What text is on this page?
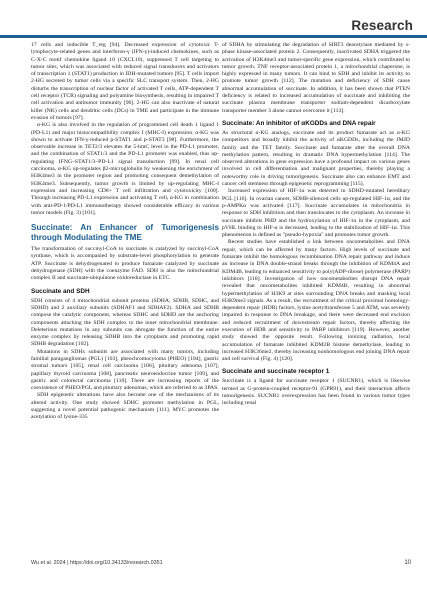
Research

17 cells and inducible T_reg [94]. Decreased expression of cytotoxic T-lymphocyte-related genes and interferon-γ (IFN-γ)-induced chemokines, such as C-X-C motif chemokine ligand 10 (CXCL10), suppressed T cell targeting to tumor sites, which was associated with reduced signal transducers and activators of transcription 1 (STAT1) production in IDH-mutated tumors [95]. T cells import 2-HG secreted by tumor cells via a specific SLC transport system. Then, 2-HG disturbs the transcription of nuclear factor of activated T cells, ATP-dependent T cell receptor (TCR) signaling and polyamine biosynthesis, resulting in impaired T cell activation and antitumor immunity [96]. 2-HG can also inactivate of natural killer (NK) cells and dendritic cells (DCs) in TME and participate in the immune evasion of tumors [97].

α-KG is also involved in the regulation of programmed cell death 1 ligand 1 (PD-L1) and major histocompatibility complex I (MHC-I) expression. α-KG was shown to activate IFN-γ-induced p-STAT1 and p-STAT3 [98]. Furthermore, the observable increase in TET2/3 elevates the 5-hmC level in the PD-L1 promoter, and the combination of STAT1/3 and the PD-L1 promoter was enabled, thus up-regulating IFNG–STAT1/3–PD-L1 signal transduction [99]. In renal cell carcinoma, α-KG up-regulates β2-microglobulin by weakening the enrichment of H3K4me3 in the promoter region and promoting consequent demethylation of H3K4me3. Subsequently, tumor growth is limited by up-regulating MHC-I expression and increasing CD8+ T cell infiltration and cytotoxicity [100]. Through increasing PD-L1 expression and activating T cell, α-KG in combination with anti-PD-1/PD-L1 immunotherapy showed considerable efficacy in various tumor models (Fig. 3) [101].

Succinate: An Enhancer of Tumorigenesis through Modulating the TME

The transformation of succinyl-CoA to succinate is catalyzed by succinyl-CoA synthase, which is accompanied by substrate-level phosphorylation to generate ATP. Succinate is dehydrogenated to produce fumarate catalyzed by succinate dehydrogenase (SDH) with the coenzyme FAD. SDH is also the mitochondrial complex II and succinate-ubiquinone oxidoreductase in ETC.

Succinate and SDH

SDH consists of 4 mitochondrial subunit proteins (SDHA, SDHB, SDHC, and SDHD) and 2 auxiliary subunits (SDHAF1 and SDHAF2). SDHA and SDHB compose the catalytic component, whereas SDHC and SDHD are the anchoring components attaching the SDH complex to the inner mitochondrial membrane. Deleterious mutations in any subunits can abrogate the function of the entire enzyme complex by releasing SDHB into the cytoplasm and promoting rapid SDHB degradation [102].

Mutations in SDHx subunits are associated with many tumors, including familial paragangliomas (PGL) [103], pheochromocytoma (PHEO) [104], gastric stromal tumors [105], renal cell carcinoma [106], pituitary adenoma [107], papillary thyroid carcinoma [108], pancreatic neuroendocrine tumor [109], and gastric and colorectal carcinoma [110]. There are increasing reports of the coexistence of PHEO/PGL and pituitary adenomas, which are referred to as 3PAS.

SDH epigenetic alterations have also become one of the mechanisms of its altered activity. One study showed SDHC promoter methylation in PGL, suggesting a novel potential pathogenic mechanism [111]. MYC promotes the acetylation of lysine-335

of SDHA by stimulating the degradation of SIRT3 deacetylase mediated by s-phase kinase-associated protein 2. Consequently, inactivated SDHA triggered the activation of H3K4me3 and tumor-specific gene expression, which contributed to tumor growth. TNF receptor-associated protein 1, a mitochondrial chaperone, is highly expressed in many tumors. It can bind to SDH and inhibit its activity to promote tumor growth [112]. The mutation and deficiency of SDH cause abnormal accumulation of succinate. In addition, it has been shown that PTEN deficiency is related to increased accumulation of succinate and inhibiting the succinate plasma membrane transporter sodium-dependent dicarboxylate transporter member 3 alone cannot overcome it [113].

Succinate: An inhibitor of αKGDDs and DNA repair

As structural α-KG analogs, succinate and its product fumarate act as α-KG competitors and broadly inhibit the activity of αKGDDs, including the JMJD family and the TET family. Succinate and fumarate alter the overall DNA methylation pattern, resulting in dramatic DNA hypermethylation [114]. The observed alterations in gene expression have a profound impact on various genes involved in cell differentiation and malignant properties, thereby playing a noteworthy role in driving tumorigenesis. Succinate also can enhance EMT and cancer cell stemness through epigenetic reprogramming [115].

Increased expression of HIF-1α was detected in SDHD-mutated hereditary PGL [116]. In ovarian cancer, SDHB-silenced cells up-regulated HIF-1α, and the p-AMPKα was activated [117]. Succinate accumulates in mitochondria in response to SDH inhibition and then translocates to the cytoplasm. An increase in succinate inhibits PHD and the hydroxylation of HIF-1α in the cytoplasm, and pVHL binding to HIF-α is decreased, leading to the stabilization of HIF-1α. This phenomenon is defined as "pseudo-hypoxia" and promotes tumor growth.

Recent studies have established a link between oncometabolites and DNA repair, which can be affected by many factors. High levels of succinate and fumarate inhibit the homologous recombination DNA repair pathway and induce an increase in DNA double-strand breaks through the inhibition of KDM4A and KDM4B, leading to enhanced sensitivity to poly(ADP-ribose) polymerase (PARP) inhibitors [118]. Investigation of how oncometabolites disrupt DNA repair revealed that oncometabolites inhibited KDM4B, resulting in abnormal hypermethylation of H3K9 at sites surrounding DNA breaks and masking local H3K9me3 signals. As a result, the recruitment of the critical proximal homology-dependent repair (HDR) factors, lysine acetyltransferase 5 and ATM, was severely impaired in response to DNA breakage, and there were decreased end excision and reduced recruitment of downstream repair factors, thereby affecting the execution of HDR and sensitivity to PARP inhibitors [119]. However, another study showed the opposite result. Following ionizing radiation, local accumulation of fumarate inhibited KDM2B histone demethylase, leading to increased H3K36me2, thereby increasing nonhomologous end joining DNA repair and cell survival (Fig. 4) [120].

Succinate and succinate receptor 1

Succinate is a ligand for succinate receptor 1 (SUCNR1), which is likewise termed as G-protein-coupled receptor-91 (GPR91), and their interaction affects tumorigenesis. SUCNR1 overexpression has been found in various tumor types including renal

Wu et al. 2024 | https://doi.org/10.34133/research.0351	10
